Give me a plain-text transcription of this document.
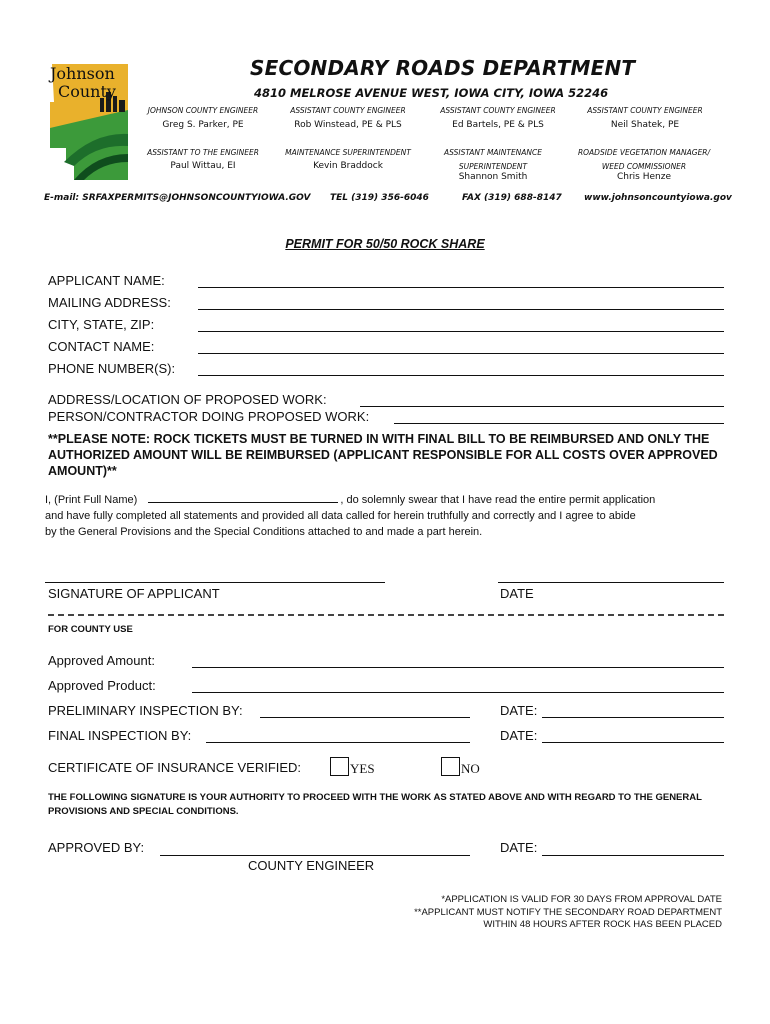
Johnson
County
SECONDARY ROADS DEPARTMENT
4810 MELROSE AVENUE WEST, IOWA CITY, IOWA 52246
JOHNSON COUNTY ENGINEER
Greg S. Parker, PE
ASSISTANT COUNTY ENGINEER
Rob Winstead, PE & PLS
ASSISTANT COUNTY ENGINEER
Ed Bartels, PE & PLS
ASSISTANT COUNTY ENGINEER
Neil Shatek, PE
ASSISTANT TO THE ENGINEER
Paul Wittau, EI
MAINTENANCE SUPERINTENDENT
Kevin Braddock
ASSISTANT MAINTENANCE
SUPERINTENDENT
Shannon Smith
ROADSIDE VEGETATION MANAGER/
WEED COMMISSIONER
Chris Henze
E-mail: SRFAXPERMITS@JOHNSONCOUNTYIOWA.GOV TEL (319) 356-6046	FAX (319) 688-8147 www.johnsoncountyiowa.gov
PERMIT FOR 50/50 ROCK SHARE
APPLICANT NAME:
MAILING ADDRESS:
CITY, STATE, ZIP:
CONTACT NAME:
PHONE NUMBER(S):
ADDRESS/LOCATION OF PROPOSED WORK:
PERSON/CONTRACTOR DOING PROPOSED WORK:
**PLEASE NOTE: ROCK TICKETS MUST BE TURNED IN WITH FINAL BILL TO BE REIMBURSED AND ONLY THE AUTHORIZED AMOUNT WILL BE REIMBURSED (APPLICANT RESPONSIBLE FOR ALL COSTS OVER APPROVED AMOUNT)**
I, (Print Full Name)	, do solemnly swear that I have read the entire permit application
and have fully completed all statements and provided all data called for herein truthfully and correctly and I agree to abide
by the General Provisions and the Special Conditions attached to and made a part herein.
SIGNATURE OF APPLICANT	DATE
FOR COUNTY USE
Approved Amount:
Approved Product:
PRELIMINARY INSPECTION BY:	DATE:
FINAL INSPECTION BY:	DATE:
CERTIFICATE OF INSURANCE VERIFIED:	YES	NO
THE FOLLOWING SIGNATURE IS YOUR AUTHORITY TO PROCEED WITH THE WORK AS STATED ABOVE AND WITH REGARD TO THE GENERAL PROVISIONS AND SPECIAL CONDITIONS.
APPROVED BY:	DATE:
COUNTY ENGINEER
*APPLICATION IS VALID FOR 30 DAYS FROM APPROVAL DATE
**APPLICANT MUST NOTIFY THE SECONDARY ROAD DEPARTMENT
WITHIN 48 HOURS AFTER ROCK HAS BEEN PLACED
